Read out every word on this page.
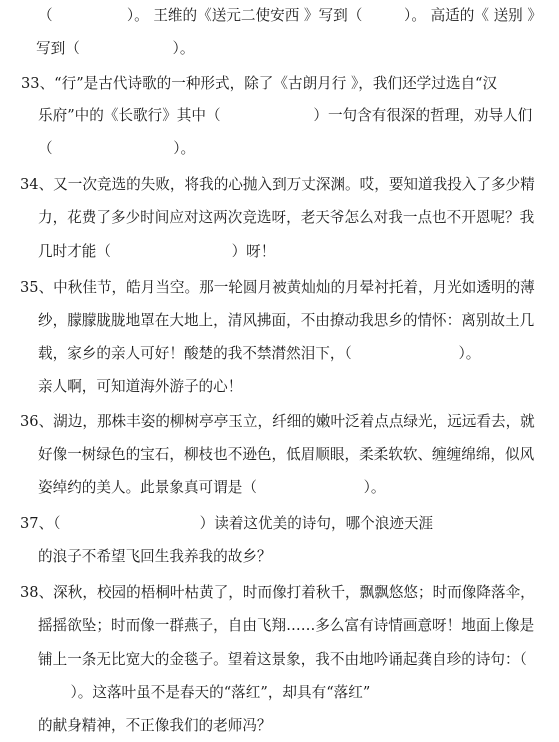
（                ）。 王维的《送元二使安西 》写到（         ）。 高适的《 送别 》
写到（                    ）。
33、“行”是古代诗歌的一种形式，除了《古朗月行 》，我们还学过选自“汉
乐府”中的《长歌行》其中（                    ）一句含有很深的哲理，劝导人们
（                          ）。
34、又一次竞选的失败，将我的心抛入到万丈深渊。哎，要知道我投入了多少精
力，花费了多少时间应对这两次竞选呀，老天爷怎么对我一点也不开恩呢？我
几时才能（                          ）呀！
35、中秋佳节，皓月当空。那一轮圆月被黄灿灿的月晕衬托着，月光如透明的薄
纱，朦朦胧胧地罩在大地上，清风拂面，不由撩动我思乡的情怀：离别故土几
载，家乡的亲人可好！酸楚的我不禁潸然泪下，（                       ）。
亲人啊，可知道海外游子的心！
36、湖边，那株丰姿的柳树亭亭玉立，纤细的嫩叶泛着点点绿光，远远看去，就
好像一树绿色的宝石，柳枝也不逊色，低眉顺眼，柔柔软软、缠缠绵绵，似风
姿绰约的美人。此景象真可谓是（                       ）。
37、（                              ）读着这优美的诗句，哪个浪迹天涯
的浪子不希望飞回生我养我的故乡？
38、深秋，校园的梧桐叶枯黄了，时而像打着秋千，飘飘悠悠；时而像降落伞，
摇摇欲坠；时而像一群燕子，自由飞翔……多么富有诗情画意呀！地面上像是
铺上一条无比宽大的金毯子。望着这景象，我不由地吟诵起龚自珍的诗句：（
）。这落叶虽不是春天的“落红”，却具有“落红”
的献身精神，不正像我们的老师冯？
